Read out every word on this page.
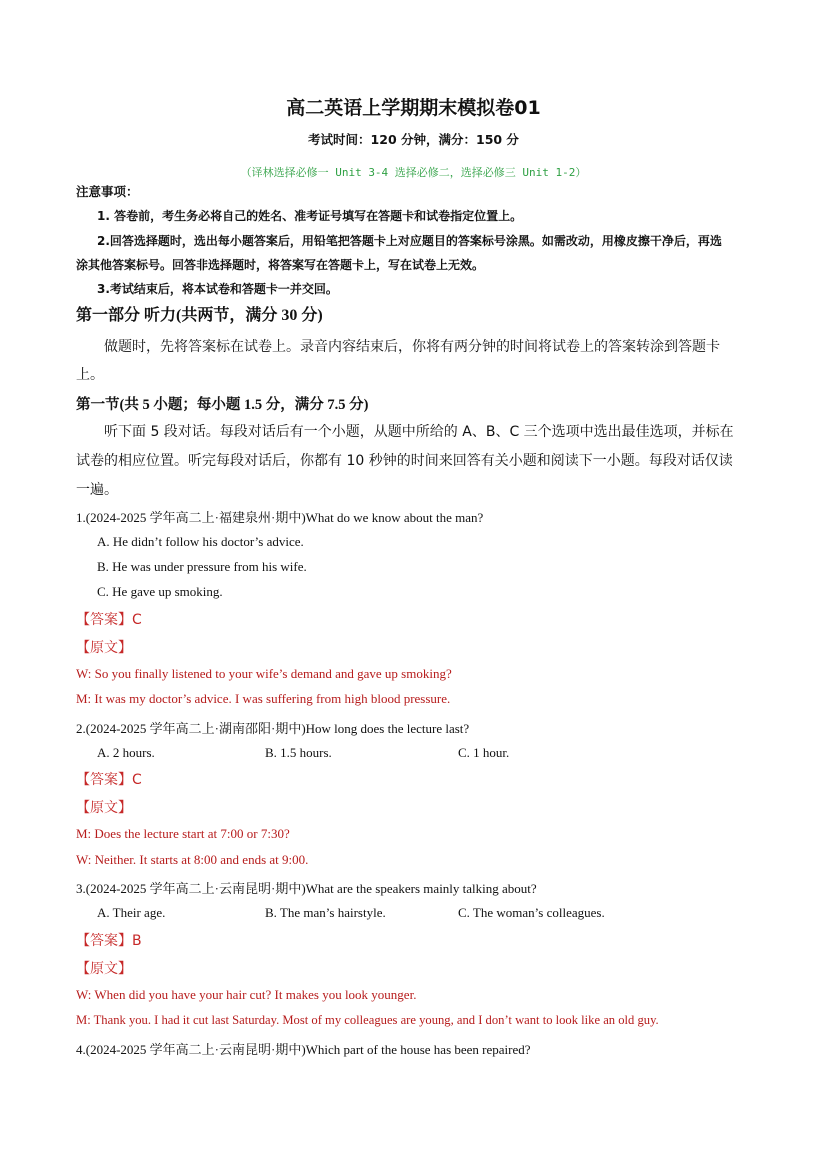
高二英语上学期期末模拟卷01
考试时间：120 分钟，满分：150 分
（译林选择必修一 Unit 3-4 选择必修二，选择必修三 Unit 1-2）
注意事项：
1. 答卷前，考生务必将自己的姓名、准考证号填写在答题卡和试卷指定位置上。
2.回答选择题时，选出每小题答案后，用铅笔把答题卡上对应题目的答案标号涂黑。如需改动，用橡皮擦干净后，再选
涂其他答案标号。回答非选择题时，将答案写在答题卡上，写在试卷上无效。
3.考试结束后，将本试卷和答题卡一并交回。
第一部分 听力(共两节，满分 30 分)
做题时，先将答案标在试卷上。录音内容结束后，你将有两分钟的时间将试卷上的答案转涂到答题卡
上。
第一节(共 5 小题；每小题 1.5 分，满分 7.5 分)
听下面 5 段对话。每段对话后有一个小题，从题中所给的 A、B、C 三个选项中选出最佳选项，并标在
试卷的相应位置。听完每段对话后，你都有 10 秒钟的时间来回答有关小题和阅读下一小题。每段对话仅读
一遍。
1.(2024-2025 学年高二上·福建泉州·期中)What do we know about the man?
A. He didn’t follow his doctor’s advice.
B. He was under pressure from his wife.
C. He gave up smoking.
【答案】C
【原文】
W: So you finally listened to your wife’s demand and gave up smoking?
M: It was my doctor’s advice. I was suffering from high blood pressure.
2.(2024-2025 学年高二上·湖南邵阳·期中)How long does the lecture last?
A. 2 hours.	B. 1.5 hours.	C. 1 hour.
【答案】C
【原文】
M: Does the lecture start at 7:00 or 7:30?
W: Neither. It starts at 8:00 and ends at 9:00.
3.(2024-2025 学年高二上·云南昆明·期中)What are the speakers mainly talking about?
A. Their age.	B. The man’s hairstyle.	C. The woman’s colleagues.
【答案】B
【原文】
W: When did you have your hair cut? It makes you look younger.
M: Thank you. I had it cut last Saturday. Most of my colleagues are young, and I don’t want to look like an old guy.
4.(2024-2025 学年高二上·云南昆明·期中)Which part of the house has been repaired?
